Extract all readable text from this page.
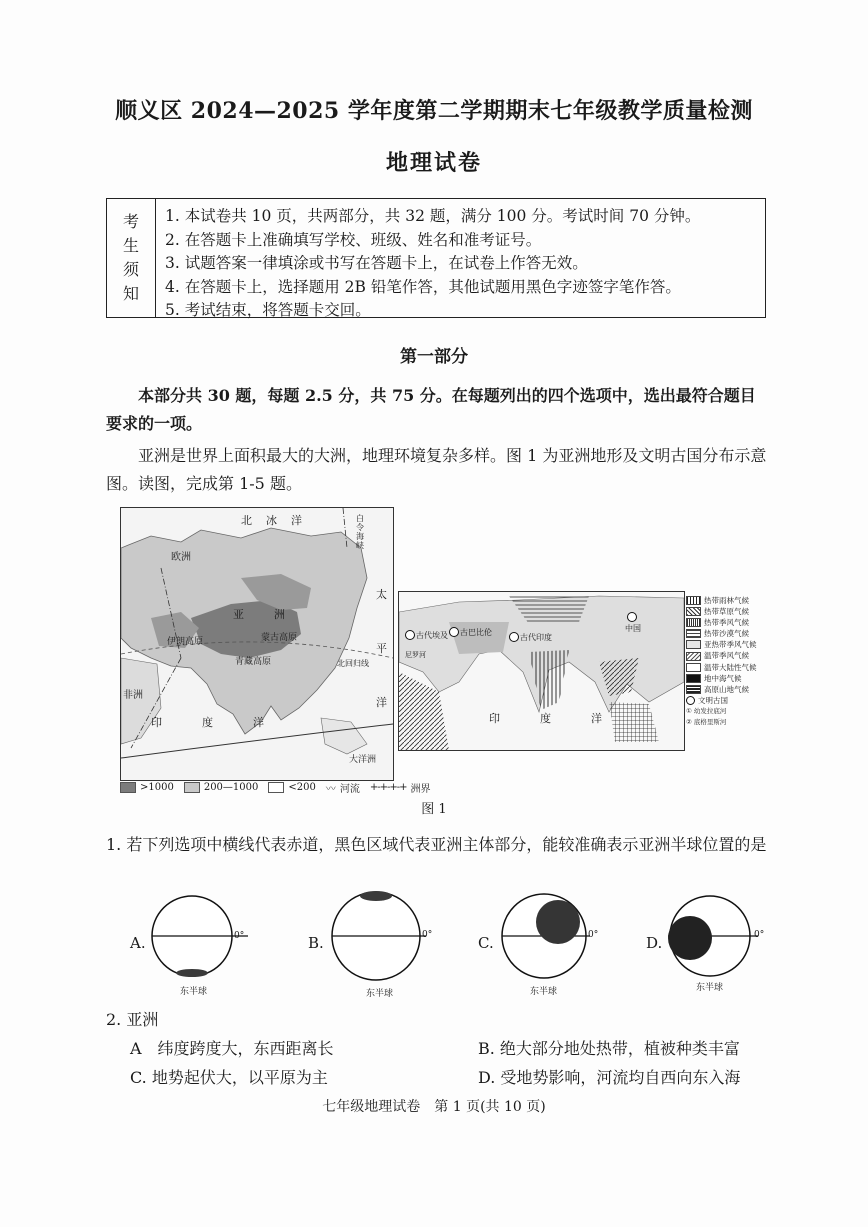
顺义区 2024—2025 学年度第二学期期末七年级教学质量检测
地理试卷
考
生
须
知
1. 本试卷共 10 页，共两部分，共 32 题，满分 100 分。考试时间 70 分钟。
2. 在答题卡上准确填写学校、班级、姓名和准考证号。
3. 试题答案一律填涂或书写在答题卡上，在试卷上作答无效。
4. 在答题卡上，选择题用 2B 铅笔作答，其他试题用黑色字迹签字笔作答。
5. 考试结束，将答题卡交回。
第一部分
本部分共 30 题，每题 2.5 分，共 75 分。在每题列出的四个选项中，选出最符合题目要求的一项。
亚洲是世界上面积最大的大洲，地理环境复杂多样。图 1 为亚洲地形及文明古国分布示意图。读图，完成第 1-5 题。
北冰洋
太
平
洋
印度洋
欧洲
亚洲
非洲
大洋洲
白令海峡
伊朗高原	蒙古高原
青藏高原	北回归线
>1000	200—1000	<200 〰 河流 +-+-+-+ 洲界
古代埃及 古巴比伦
古代印度
中国
尼罗河
印度洋
热带雨林气候
热带草原气候
热带季风气候
热带沙漠气候
亚热带季风气候
温带季风气候
温带大陆性气候
地中海气候
高原山地气候
文明古国
① 幼发拉底河
② 底格里斯河
图 1
1. 若下列选项中横线代表赤道，黑色区域代表亚洲主体部分，能较准确表示亚洲半球位置的是
A.	0°
东半球
B.	0°
东半球
C.	0°
东半球
D.	0°
东半球
2. 亚洲
A　纬度跨度大，东西距离长	B. 绝大部分地处热带，植被种类丰富
C. 地势起伏大，以平原为主	D. 受地势影响，河流均自西向东入海
七年级地理试卷　第 1 页(共 10 页)
